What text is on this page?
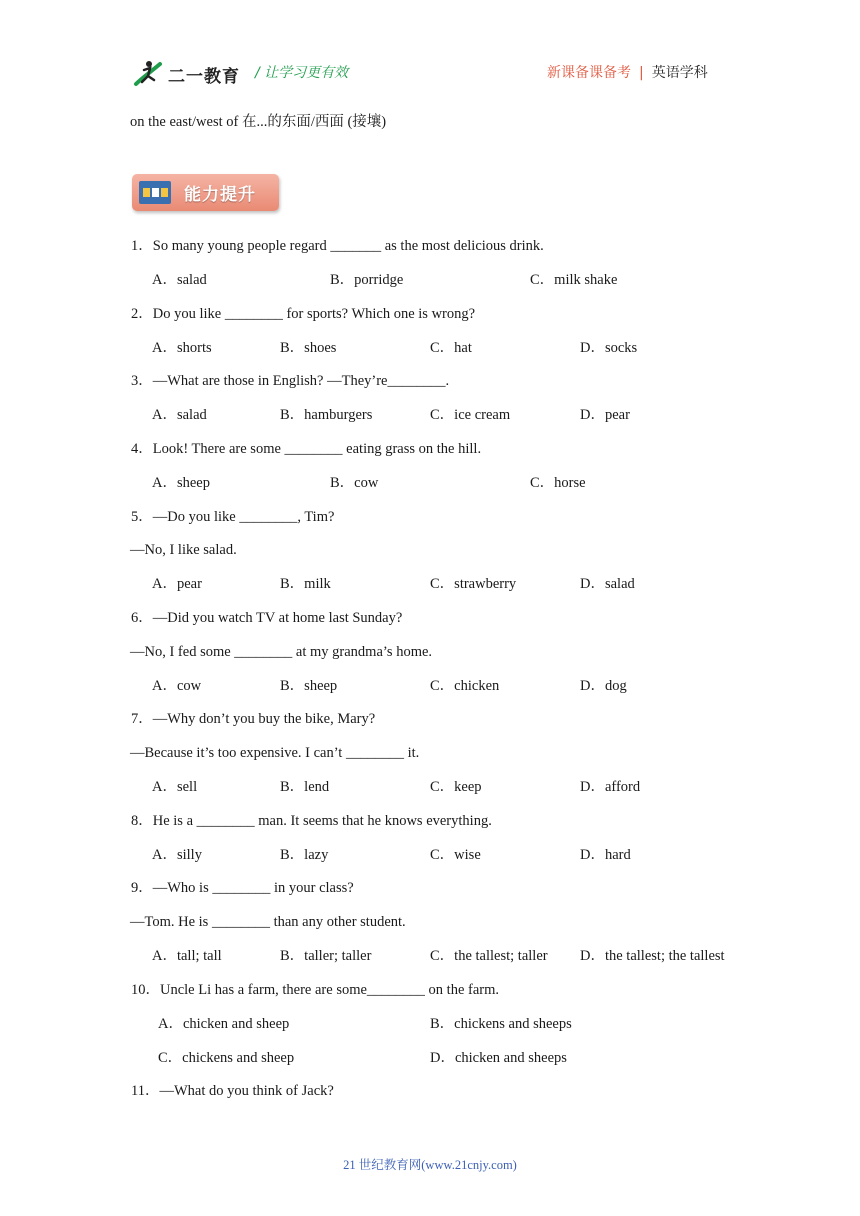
二一教育 / 让学习更有效	新课备课备考 | 英语学科
on the east/west of 在...的东面/西面 (接壤)
能力提升
1．So many young people regard _______ as the most delicious drink.
A．salad	B．porridge	C．milk shake
2．Do you like ________ for sports? Which one is wrong?
A．shorts	B．shoes	C．hat	D．socks
3．—What are those in English? —They’re________.
A．salad	B．hamburgers	C．ice cream	D．pear
4．Look! There are some ________ eating grass on the hill.
A．sheep	B．cow	C．horse
5．—Do you like ________, Tim?
—No, I like salad.
A．pear	B．milk	C．strawberry	D．salad
6．—Did you watch TV at home last Sunday?
—No, I fed some ________ at my grandma’s home.
A．cow	B．sheep	C．chicken	D．dog
7．—Why don’t you buy the bike, Mary?
—Because it’s too expensive. I can’t ________ it.
A．sell	B．lend	C．keep	D．afford
8．He is a ________ man. It seems that he knows everything.
A．silly	B．lazy	C．wise	D．hard
9．—Who is ________ in your class?
—Tom. He is ________ than any other student.
A．tall; tall	B．taller; taller	C．the tallest; taller D．the tallest; the tallest
10．Uncle Li has a farm, there are some________ on the farm.
A．chicken and sheep	B．chickens and sheeps
C．chickens and sheep	D．chicken and sheeps
11．—What do you think of Jack?
21 世纪教育网(www.21cnjy.com)
